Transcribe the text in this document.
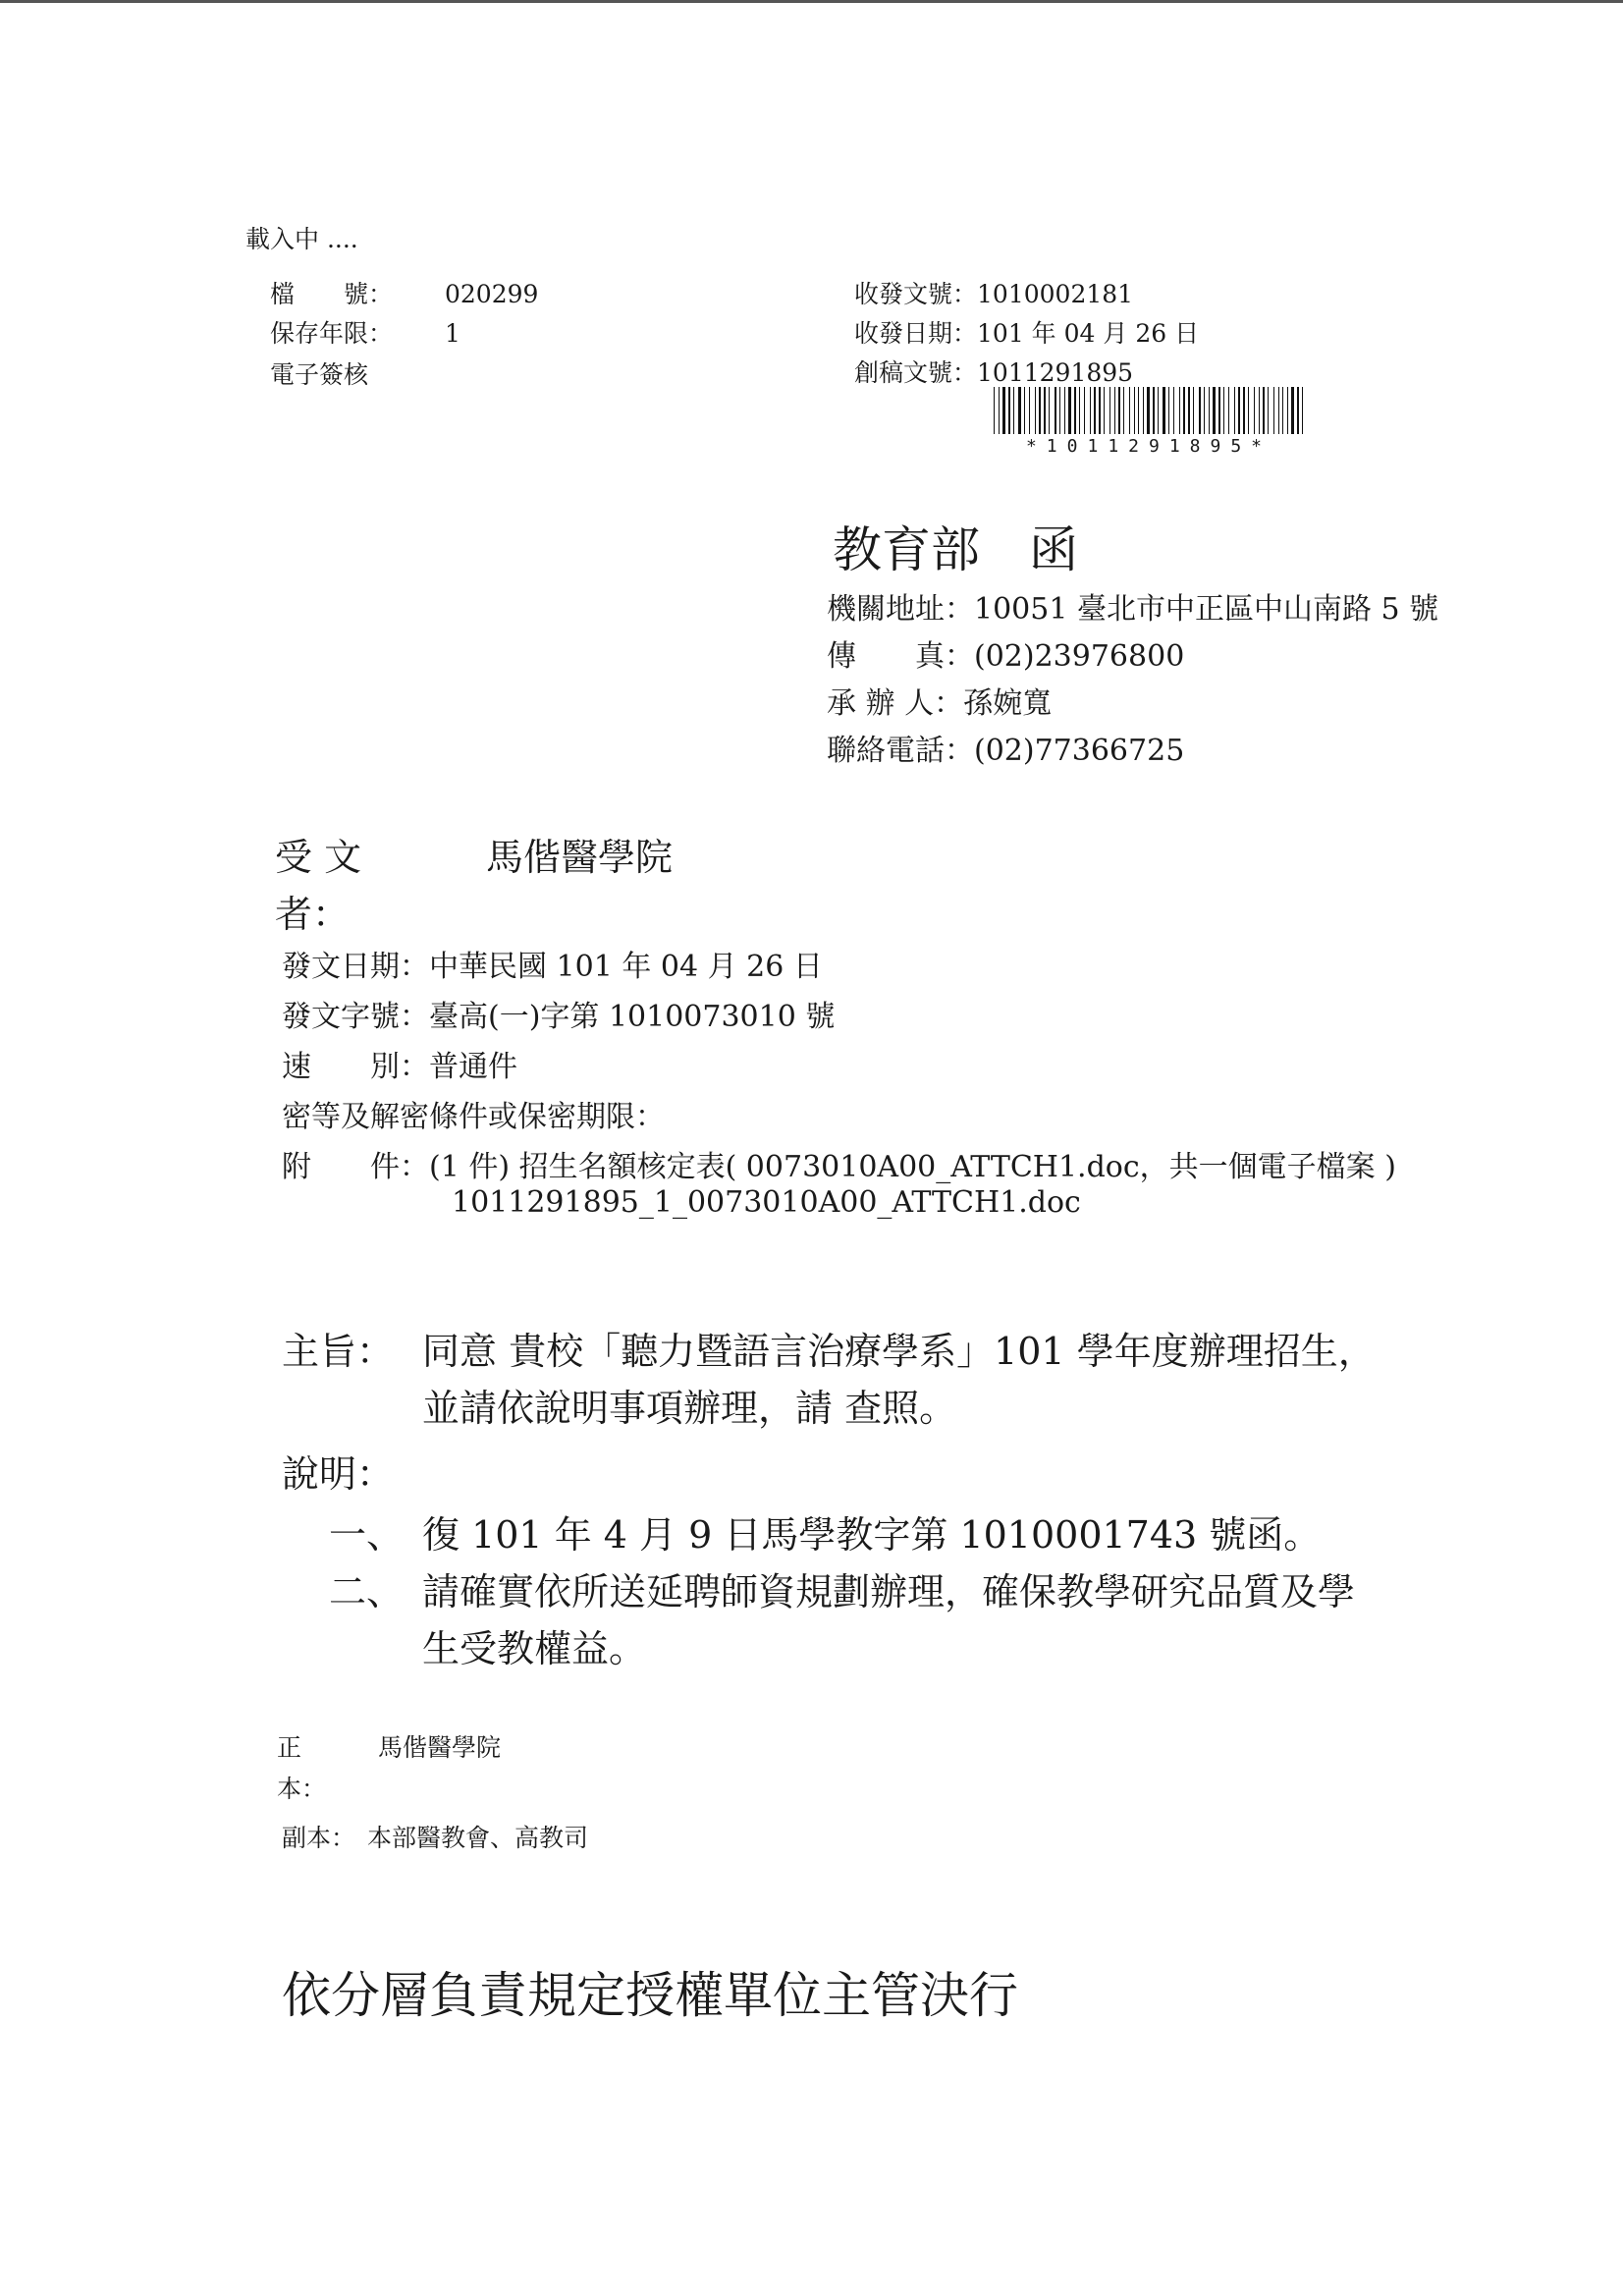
載入中 ....
檔　　號： 020299
保存年限： 1
電子簽核
收發文號：1010002181
收發日期：101 年 04 月 26 日
創稿文號：1011291895
*1011291895*
教育部　函
機關地址：10051 臺北市中正區中山南路 5 號
傳　　真：(02)23976800
承 辦 人：孫婉寬
聯絡電話：(02)77366725
受 文	馬偕醫學院
者：
發文日期：中華民國 101 年 04 月 26 日
發文字號：臺高(一)字第 1010073010 號
速　　別：普通件
密等及解密條件或保密期限：
附　　件：(1 件) 招生名額核定表( 0073010A00_ATTCH1.doc，共一個電子檔案 )
1011291895_1_0073010A00_ATTCH1.doc
主旨： 同意 貴校「聽力暨語言治療學系」101 學年度辦理招生，
並請依說明事項辦理，請 查照。
說明：
一、 復 101 年 4 月 9 日馬學教字第 1010001743 號函。
二、 請確實依所送延聘師資規劃辦理，確保教學研究品質及學
生受教權益。
正	馬偕醫學院
本：
副本： 本部醫教會、高教司
依分層負責規定授權單位主管決行
